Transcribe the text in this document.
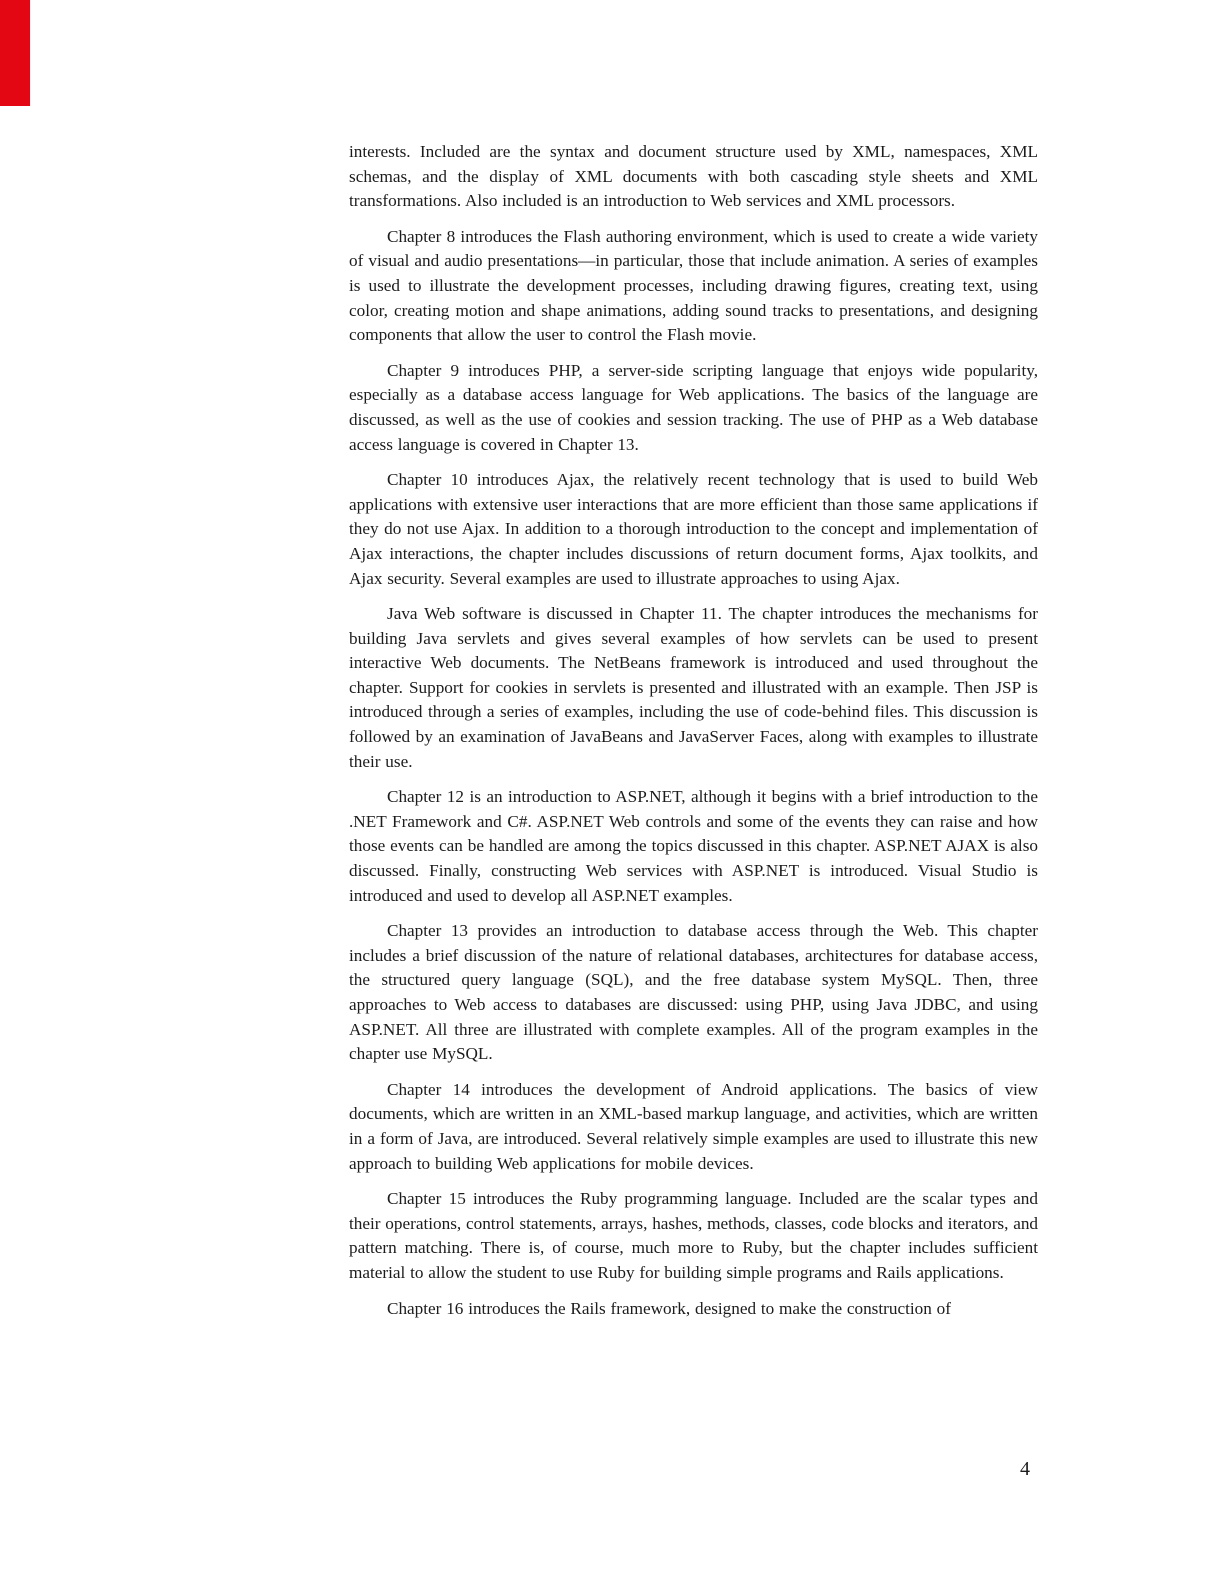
interests. Included are the syntax and document structure used by XML, namespaces, XML schemas, and the display of XML documents with both cascading style sheets and XML transformations. Also included is an introduction to Web services and XML processors.

Chapter 8 introduces the Flash authoring environment, which is used to create a wide variety of visual and audio presentations—in particular, those that include animation. A series of examples is used to illustrate the development processes, including drawing figures, creating text, using color, creating motion and shape animations, adding sound tracks to presentations, and designing components that allow the user to control the Flash movie.

Chapter 9 introduces PHP, a server-side scripting language that enjoys wide popularity, especially as a database access language for Web applications. The basics of the language are discussed, as well as the use of cookies and session tracking. The use of PHP as a Web database access language is covered in Chapter 13.

Chapter 10 introduces Ajax, the relatively recent technology that is used to build Web applications with extensive user interactions that are more efficient than those same applications if they do not use Ajax. In addition to a thorough introduction to the concept and implementation of Ajax interactions, the chapter includes discussions of return document forms, Ajax toolkits, and Ajax security. Several examples are used to illustrate approaches to using Ajax.

Java Web software is discussed in Chapter 11. The chapter introduces the mechanisms for building Java servlets and gives several examples of how servlets can be used to present interactive Web documents. The NetBeans framework is introduced and used throughout the chapter. Support for cookies in servlets is presented and illustrated with an example. Then JSP is introduced through a series of examples, including the use of code-behind files. This discussion is followed by an examination of JavaBeans and JavaServer Faces, along with examples to illustrate their use.

Chapter 12 is an introduction to ASP.NET, although it begins with a brief introduction to the .NET Framework and C#. ASP.NET Web controls and some of the events they can raise and how those events can be handled are among the topics discussed in this chapter. ASP.NET AJAX is also discussed. Finally, constructing Web services with ASP.NET is introduced. Visual Studio is introduced and used to develop all ASP.NET examples.

Chapter 13 provides an introduction to database access through the Web. This chapter includes a brief discussion of the nature of relational databases, architectures for database access, the structured query language (SQL), and the free database system MySQL. Then, three approaches to Web access to databases are discussed: using PHP, using Java JDBC, and using ASP.NET. All three are illustrated with complete examples. All of the program examples in the chapter use MySQL.

Chapter 14 introduces the development of Android applications. The basics of view documents, which are written in an XML-based markup language, and activities, which are written in a form of Java, are introduced. Several relatively simple examples are used to illustrate this new approach to building Web applications for mobile devices.

Chapter 15 introduces the Ruby programming language. Included are the scalar types and their operations, control statements, arrays, hashes, methods, classes, code blocks and iterators, and pattern matching. There is, of course, much more to Ruby, but the chapter includes sufficient material to allow the student to use Ruby for building simple programs and Rails applications.

Chapter 16 introduces the Rails framework, designed to make the construction of

4
